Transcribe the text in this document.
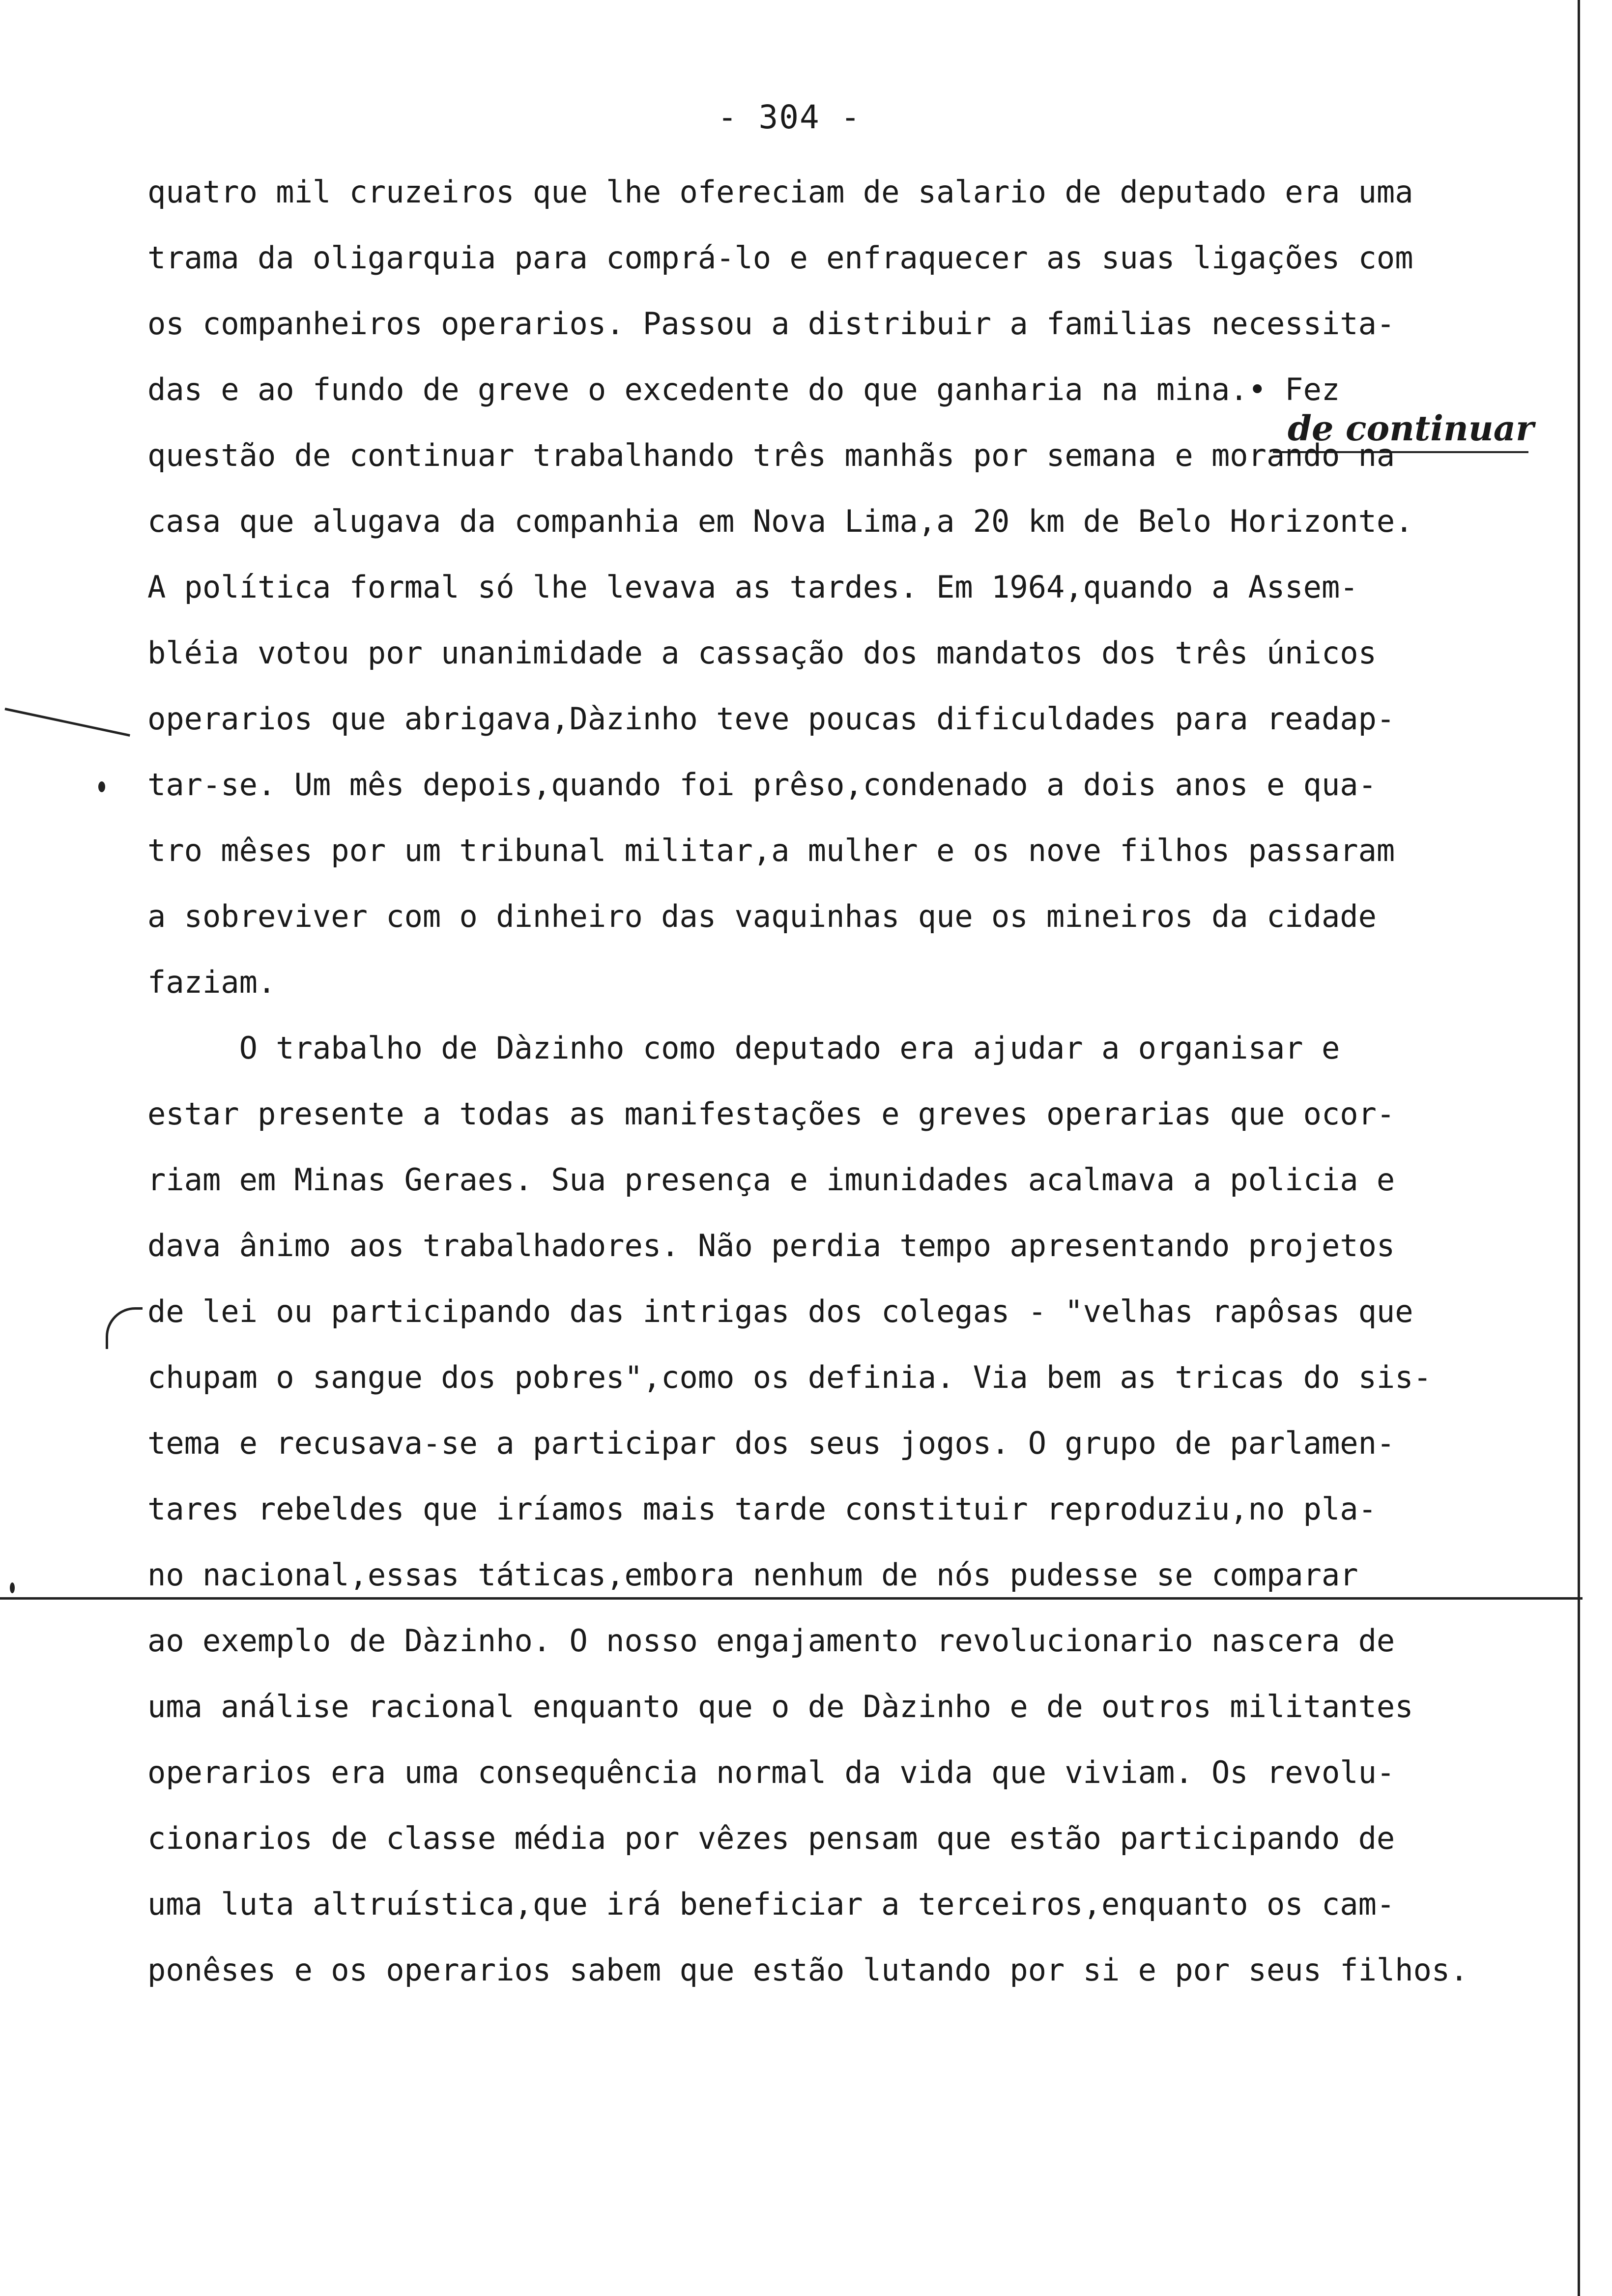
- 304 -
de continuar
quatro mil cruzeiros que lhe ofereciam de salario de deputado era uma
trama da oligarquia para comprá-lo e enfraquecer as suas ligações com
os companheiros operarios. Passou a distribuir a familias necessita-
das e ao fundo de greve o excedente do que ganharia na mina.• Fez
questão de continuar trabalhando três manhãs por semana e morando na
casa que alugava da companhia em Nova Lima,a 20 km de Belo Horizonte.
A política formal só lhe levava as tardes. Em 1964,quando a Assem-
bléia votou por unanimidade a cassação dos mandatos dos três únicos
operarios que abrigava,Dàzinho teve poucas dificuldades para readap-
tar-se. Um mês depois,quando foi prêso,condenado a dois anos e qua-
tro mêses por um tribunal militar,a mulher e os nove filhos passaram
a sobreviver com o dinheiro das vaquinhas que os mineiros da cidade
faziam.
O trabalho de Dàzinho como deputado era ajudar a organisar e
estar presente a todas as manifestações e greves operarias que ocor-
riam em Minas Geraes. Sua presença e imunidades acalmava a policia e
dava ânimo aos trabalhadores. Não perdia tempo apresentando projetos
de lei ou participando das intrigas dos colegas - "velhas rapôsas que
chupam o sangue dos pobres",como os definia. Via bem as tricas do sis-
tema e recusava-se a participar dos seus jogos. O grupo de parlamen-
tares rebeldes que iríamos mais tarde constituir reproduziu,no pla-
no nacional,essas táticas,embora nenhum de nós pudesse se comparar
ao exemplo de Dàzinho. O nosso engajamento revolucionario nascera de
uma análise racional enquanto que o de Dàzinho e de outros militantes
operarios era uma consequência normal da vida que viviam. Os revolu-
cionarios de classe média por vêzes pensam que estão participando de
uma luta altruística,que irá beneficiar a terceiros,enquanto os cam-
ponêses e os operarios sabem que estão lutando por si e por seus filhos.
